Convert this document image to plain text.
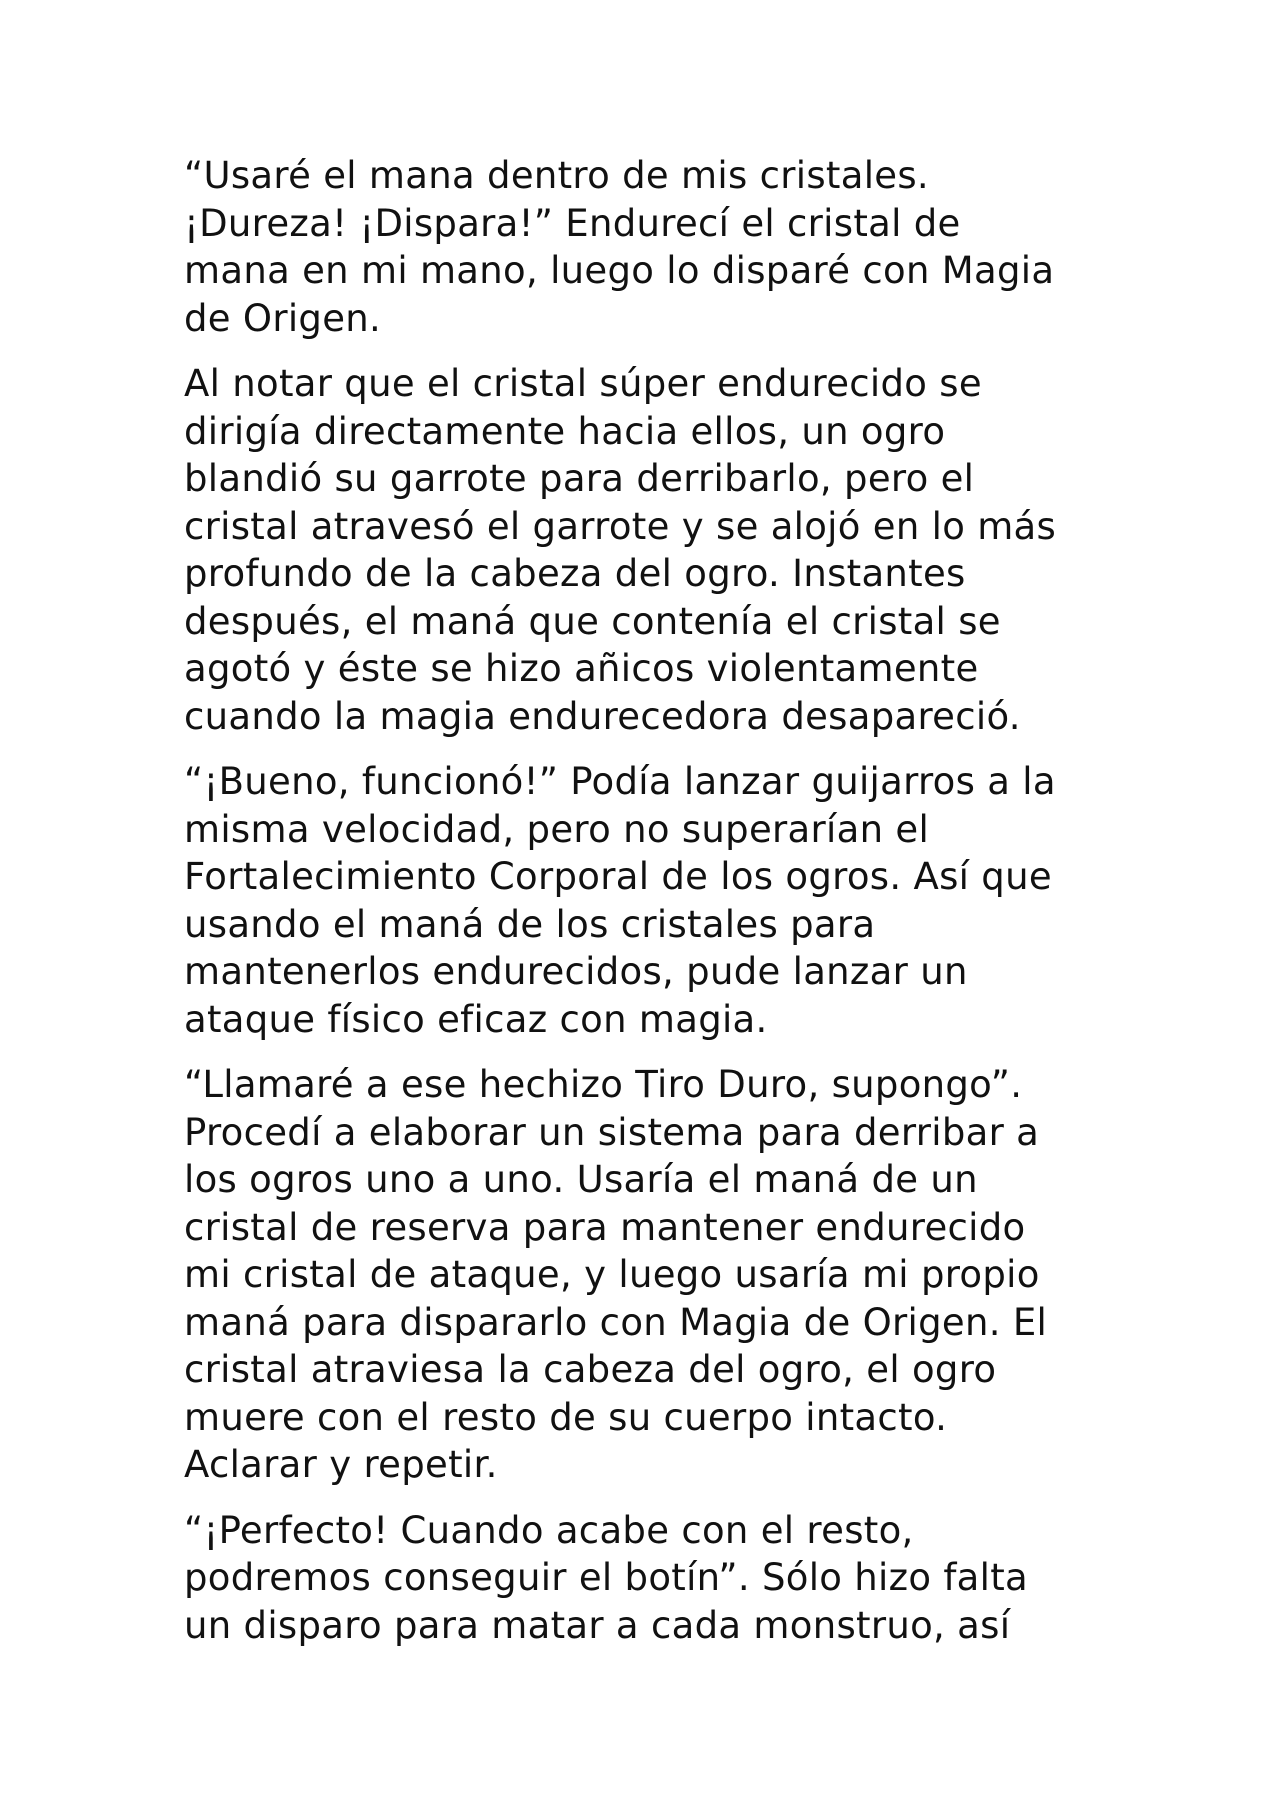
“Usaré el mana dentro de mis cristales.
¡Dureza! ¡Dispara!” Endurecí el cristal de
mana en mi mano, luego lo disparé con Magia
de Origen.

Al notar que el cristal súper endurecido se
dirigía directamente hacia ellos, un ogro
blandió su garrote para derribarlo, pero el
cristal atravesó el garrote y se alojó en lo más
profundo de la cabeza del ogro. Instantes
después, el maná que contenía el cristal se
agotó y éste se hizo añicos violentamente
cuando la magia endurecedora desapareció.

“¡Bueno, funcionó!” Podía lanzar guijarros a la
misma velocidad, pero no superarían el
Fortalecimiento Corporal de los ogros. Así que
usando el maná de los cristales para
mantenerlos endurecidos, pude lanzar un
ataque físico eficaz con magia.

“Llamaré a ese hechizo Tiro Duro, supongo”.
Procedí a elaborar un sistema para derribar a
los ogros uno a uno. Usaría el maná de un
cristal de reserva para mantener endurecido
mi cristal de ataque, y luego usaría mi propio
maná para dispararlo con Magia de Origen. El
cristal atraviesa la cabeza del ogro, el ogro
muere con el resto de su cuerpo intacto.
Aclarar y repetir.

“¡Perfecto! Cuando acabe con el resto,
podremos conseguir el botín”. Sólo hizo falta
un disparo para matar a cada monstruo, así
